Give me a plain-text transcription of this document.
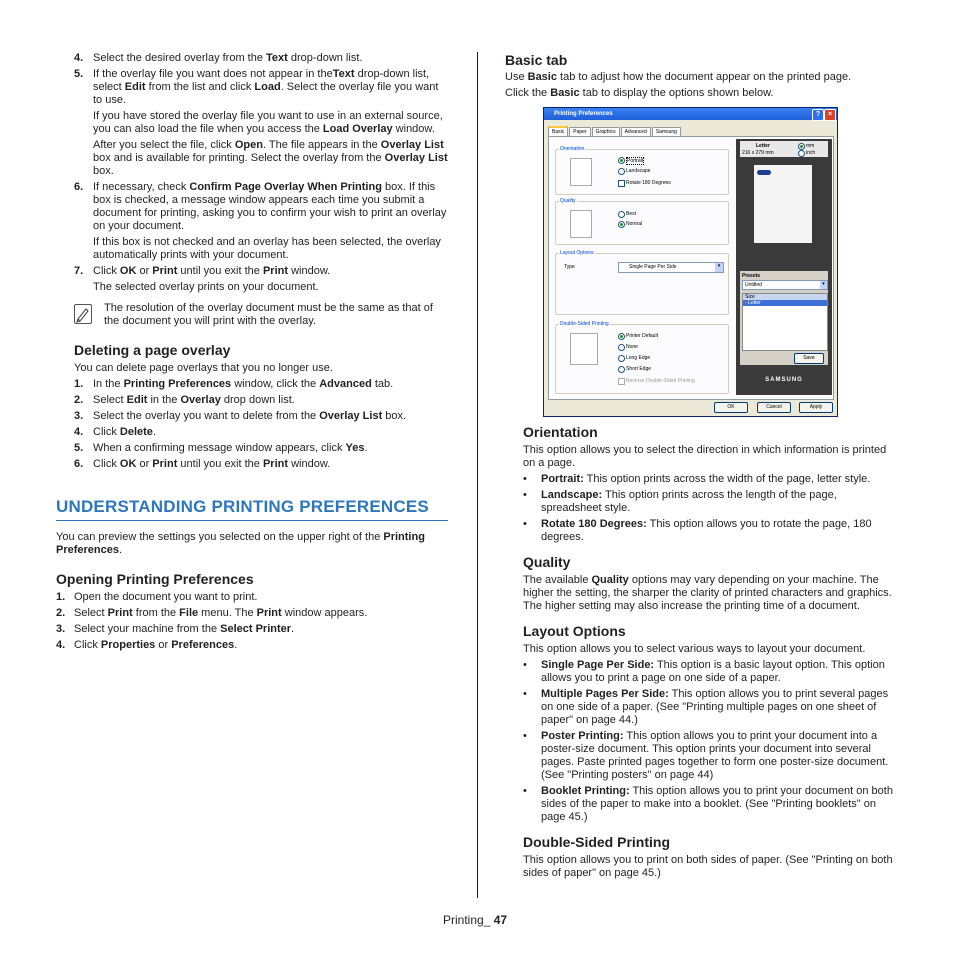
4. Select the desired overlay from the Text drop-down list.
5. If the overlay file you want does not appear in theText drop-down list, select Edit from the list and click Load. Select the overlay file you want to use.

If you have stored the overlay file you want to use in an external source, you can also load the file when you access the Load Overlay window.

After you select the file, click Open. The file appears in the Overlay List box and is available for printing. Select the overlay from the Overlay List box.

6. If necessary, check Confirm Page Overlay When Printing box. If this box is checked, a message window appears each time you submit a document for printing, asking you to confirm your wish to print an overlay on your document.

If this box is not checked and an overlay has been selected, the overlay automatically prints with your document.

7. Click OK or Print until you exit the Print window.

The selected overlay prints on your document.

The resolution of the overlay document must be the same as that of the document you will print with the overlay.
Deleting a page overlay

You can delete page overlays that you no longer use.

1. In the Printing Preferences window, click the Advanced tab.
2. Select Edit in the Overlay drop down list.
3. Select the overlay you want to delete from the Overlay List box.
4. Click Delete.
5. When a confirming message window appears, click Yes.
6. Click OK or Print until you exit the Print window.
UNDERSTANDING PRINTING PREFERENCES

You can preview the settings you selected on the upper right of the Printing Preferences.

Opening Printing Preferences
1. Open the document you want to print.
2. Select Print from the File menu. The Print window appears.
3. Select your machine from the Select Printer.
4. Click Properties or Preferences.
Basic tab

Use Basic tab to adjust how the document appear on the printed page.

Click the Basic tab to display the options shown below.

Orientation

This option allows you to select the direction in which information is printed on a page.

• Portrait: This option prints across the width of the page, letter style.
• Landscape: This option prints across the length of the page, spreadsheet style.
• Rotate 180 Degrees: This option allows you to rotate the page, 180 degrees.
Quality

The available Quality options may vary depending on your machine. The higher the setting, the sharper the clarity of printed characters and graphics. The higher setting may also increase the printing time of a document.

Layout Options

This option allows you to select various ways to layout your document.

• Single Page Per Side: This option is a basic layout option. This option allows you to print a page on one side of a paper.
• Multiple Pages Per Side: This option allows you to print several pages on one side of a paper. (See "Printing multiple pages on one sheet of paper" on page 44.)
• Poster Printing: This option allows you to print your document into a poster-size document. This option prints your document into several pages. Paste printed pages together to form one poster-size document. (See "Printing posters" on page 44)
• Booklet Printing: This option allows you to print your document on both sides of the paper to make into a booklet. (See "Printing booklets" on page 45.)
Double-Sided Printing

This option allows you to print on both sides of paper. (See "Printing on both sides of paper" on page 45.)

Printing Preferences	?	×
Basic Paper Graphics Advanced Samsung
Orientation
Portrait
Landscape
Rotate 180 Degrees
Quality
Best
Normal
Layout Options
Type	Single Page Per Side	▾
Double-Sided Printing
Printer Default
None
Long Edge
Short Edge
Reverse Double-Sided Printing
Letter
216 x 279 mm
mm
inch
Presets
Untitled	▾
Size
- Letter
Save
SAMSUNG
OK	Cancel	Apply
Printing_ 47
